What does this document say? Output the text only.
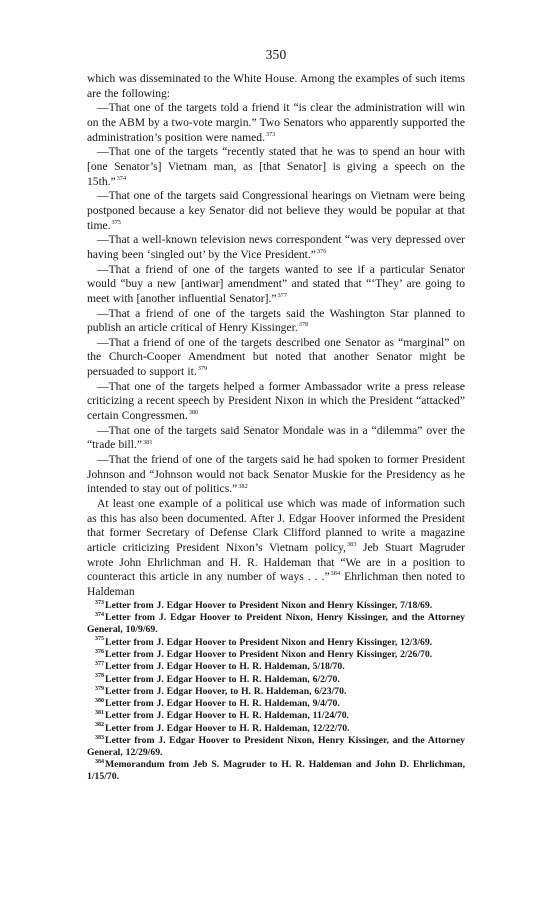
350

which was disseminated to the White House. Among the examples of such items are the following:

—That one of the targets told a friend it “is clear the administration will win on the ABM by a two-vote margin.” Two Senators who apparently supported the administration’s position were named.$^{373}$

—That one of the targets “recently stated that he was to spend an hour with [one Senator’s] Vietnam man, as [that Senator] is giving a speech on the 15th.”$^{374}$

—That one of the targets said Congressional hearings on Vietnam were being postponed because a key Senator did not believe they would be popular at that time.$^{375}$

—That a well-known television news correspondent “was very depressed over having been ‘singled out’ by the Vice President.”$^{376}$

—That a friend of one of the targets wanted to see if a particular Senator would “buy a new [antiwar] amendment” and stated that “‘They’ are going to meet with [another influential Senator].”$^{377}$

—That a friend of one of the targets said the Washington Star planned to publish an article critical of Henry Kissinger.$^{378}$

—That a friend of one of the targets described one Senator as “marginal” on the Church-Cooper Amendment but noted that another Senator might be persuaded to support it.$^{379}$

—That one of the targets helped a former Ambassador write a press release criticizing a recent speech by President Nixon in which the President “attacked” certain Congressmen.$^{380}$

—That one of the targets said Senator Mondale was in a “dilemma” over the “trade bill.”$^{381}$

—That the friend of one of the targets said he had spoken to former President Johnson and “Johnson would not back Senator Muskie for the Presidency as he intended to stay out of politics.”$^{382}$

At least one example of a political use which was made of information such as this has also been documented. After J. Edgar Hoover informed the President that former Secretary of Defense Clark Clifford planned to write a magazine article criticizing President Nixon’s Vietnam policy,$^{383}$ Jeb Stuart Magruder wrote John Ehrlichman and H. R. Haldeman that “We are in a position to counteract this article in any number of ways . . .”$^{384}$ Ehrlichman then noted to Haldeman

$^{373}$Letter from J. Edgar Hoover to President Nixon and Henry Kissinger, 7/18/69.

$^{374}$Letter from J. Edgar Hoover to Preident Nixon, Henry Kissinger, and the Attorney General, 10/9/69.

$^{375}$Letter from J. Edgar Hoover to President Nixon and Henry Kissinger, 12/3/69.

$^{376}$Letter from J. Edgar Hoover to President Nixon and Henry Kissinger, 2/26/70.

$^{377}$Letter from J. Edgar Hoover to H. R. Haldeman, 5/18/70.

$^{378}$Letter from J. Edgar Hoover to H. R. Haldeman, 6/2/70.

$^{379}$Letter from J. Edgar Hoover, to H. R. Haldeman, 6/23/70.

$^{380}$Letter from J. Edgar Hoover to H. R. Haldeman, 9/4/70.

$^{381}$Letter from J. Edgar Hoover to H. R. Haldeman, 11/24/70.

$^{382}$Letter from J. Edgar Hoover to H. R. Haldeman, 12/22/70.

$^{383}$Letter from J. Edgar Hoover to President Nixon, Henry Kissinger, and the Attorney General, 12/29/69.

$^{384}$Memorandum from Jeb S. Magruder to H. R. Haldeman and John D. Ehrlichman, 1/15/70.
